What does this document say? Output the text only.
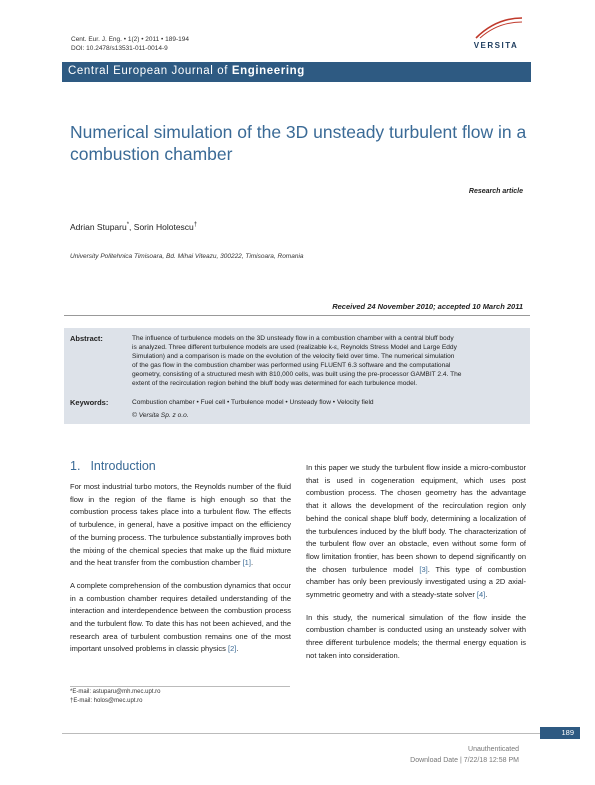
Cent. Eur. J. Eng. • 1(2) • 2011 • 189-194
DOI: 10.2478/s13531-011-0014-9	VERSITA
Central European Journal of Engineering
Numerical simulation of the 3D unsteady turbulent flow in a combustion chamber
Research article
Adrian Stuparu*, Sorin Holotescu†
University Politehnica Timisoara, Bd. Mihai Viteazu, 300222, Timisoara, Romania
Received 24 November 2010; accepted 10 March 2011
Abstract:	The influence of turbulence models on the 3D unsteady flow in a combustion chamber with a central bluff body
is analyzed. Three different turbulence models are used (realizable k-ε, Reynolds Stress Model and Large Eddy
Simulation) and a comparison is made on the evolution of the velocity field over time. The numerical simulation
of the gas flow in the combustion chamber was performed using FLUENT 6.3 software and the computational
geometry, consisting of a structured mesh with 810,000 cells, was built using the pre-processor GAMBIT 2.4. The
extent of the recirculation region behind the bluff body was determined for each turbulence model.
Keywords:	Combustion chamber • Fuel cell • Turbulence model • Unsteady flow • Velocity field
© Versita Sp. z o.o.
1. Introduction

For most industrial turbo motors, the Reynolds number of the fluid flow in the region of the flame is high enough so that the combustion process takes place into a turbulent flow. The effects of turbulence, in general, have a positive impact on the efficiency of the burning process. The turbulence substantially improves both the mixing of the chemical species that make up the fluid mixture and the heat transfer from the combustion chamber [1].

A complete comprehension of the combustion dynamics that occur in a combustion chamber requires detailed understanding of the interaction and interdependence between the combustion process and the turbulent flow. To date this has not been achieved, and the research area of turbulent combustion remains one of the most important unsolved problems in classic physics [2].

In this paper we study the turbulent flow inside a micro-combustor that is used in cogeneration equipment, which uses post combustion process. The chosen geometry has the advantage that it allows the development of the recirculation region only behind the conical shape bluff body, determining a localization of the turbulences induced by the bluff body. The characterization of the turbulent flow over an obstacle, even without some form of flow limitation frontier, has been shown to depend significantly on the chosen turbulence model [3]. This type of combustion chamber has only been previously investigated using a 2D axial-symmetric geometry and with a steady-state solver [4].

In this study, the numerical simulation of the flow inside the combustion chamber is conducted using an unsteady solver with three different turbulence models; the thermal energy equation is not taken into consideration.

*E-mail: astuparu@mh.mec.upt.ro
†E-mail: holos@mec.upt.ro
189
Unauthenticated
Download Date | 7/22/18 12:58 PM
